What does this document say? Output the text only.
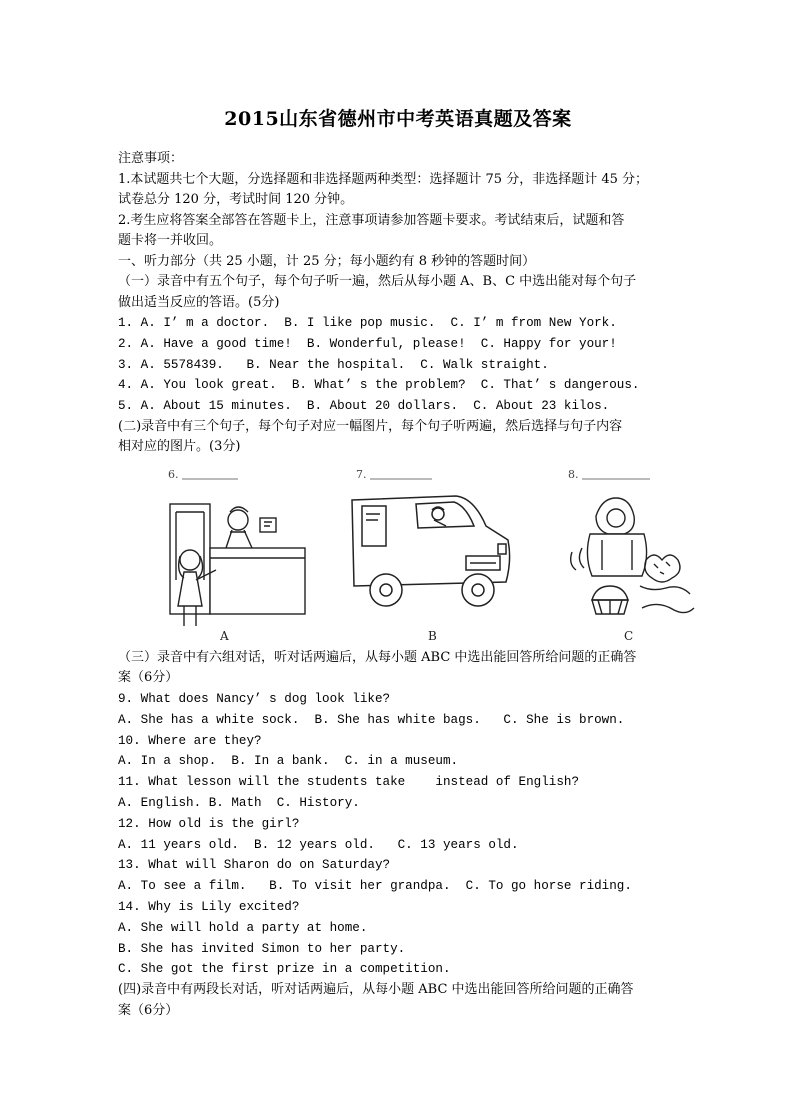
2015山东省德州市中考英语真题及答案

注意事项：

1.本试题共七个大题，分选择题和非选择题两种类型：选择题计 75 分，非选择题计 45 分；

试卷总分 120 分，考试时间 120 分钟。

2.考生应将答案全部答在答题卡上，注意事项请参加答题卡要求。考试结束后，试题和答

题卡将一并收回。

一、听力部分（共 25 小题，计 25 分；每小题约有 8 秒钟的答题时间）

（一）录音中有五个句子，每个句子听一遍，然后从每小题 A、B、C 中选出能对每个句子

做出适当反应的答语。(5分)

1. A. I’ m a doctor.  B. I like pop music.  C. I’ m from New York.

2. A. Have a good time!  B. Wonderful, please!  C. Happy for your!

3. A. 5578439.   B. Near the hospital.  C. Walk straight.

4. A. You look great.  B. What’ s the problem?  C. That’ s dangerous.

5. A. About 15 minutes.  B. About 20 dollars.  C. About 23 kilos.

(二)录音中有三个句子，每个句子对应一幅图片，每个句子听两遍，然后选择与句子内容

相对应的图片。(3分)

6.
A
7.
B
8.
C

（三）录音中有六组对话，听对话两遍后，从每小题 ABC 中选出能回答所给问题的正确答

案（6分）

9. What does Nancy’ s dog look like?

A. She has a white sock.  B. She has white bags.   C. She is brown.

10. Where are they?

A. In a shop.  B. In a bank.  C. in a museum.

11. What lesson will the students take    instead of English?

A. English. B. Math  C. History.

12. How old is the girl?

A. 11 years old.  B. 12 years old.   C. 13 years old.

13. What will Sharon do on Saturday?

A. To see a film.   B. To visit her grandpa.  C. To go horse riding.

14. Why is Lily excited?

A. She will hold a party at home.

B. She has invited Simon to her party.

C. She got the first prize in a competition.

(四)录音中有两段长对话，听对话两遍后，从每小题 ABC 中选出能回答所给问题的正确答

案（6分）
